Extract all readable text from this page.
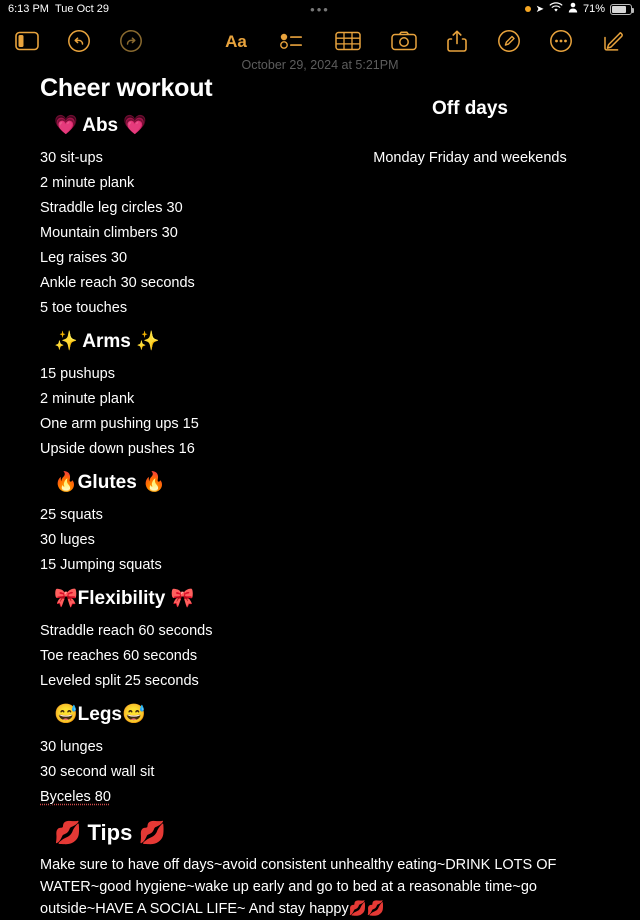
6:13 PM Tue Oct 29	•••	➤	71%
Aa
October 29, 2024 at 5:21PM
Cheer workout
💗 Abs 💗
30 sit-ups
2 minute plank
Straddle leg circles 30
Mountain climbers 30
Leg raises 30
Ankle reach 30 seconds
5 toe touches
✨ Arms ✨
15 pushups
2 minute plank
One arm pushing ups 15
Upside down pushes 16
🔥Glutes 🔥
25 squats
30 luges
15 Jumping squats
🎀Flexibility 🎀
Straddle reach 60 seconds
Toe reaches 60 seconds
Leveled split 25 seconds
😅Legs😅
30 lunges
30 second wall sit
Byceles 80
💋 Tips 💋
Make sure to have off days~avoid consistent unhealthy eating~DRINK LOTS OF WATER~good hygiene~wake up early and go to bed at a reasonable time~go outside~HAVE A SOCIAL LIFE~ And stay happy💋💋
Off days
Monday Friday and weekends
